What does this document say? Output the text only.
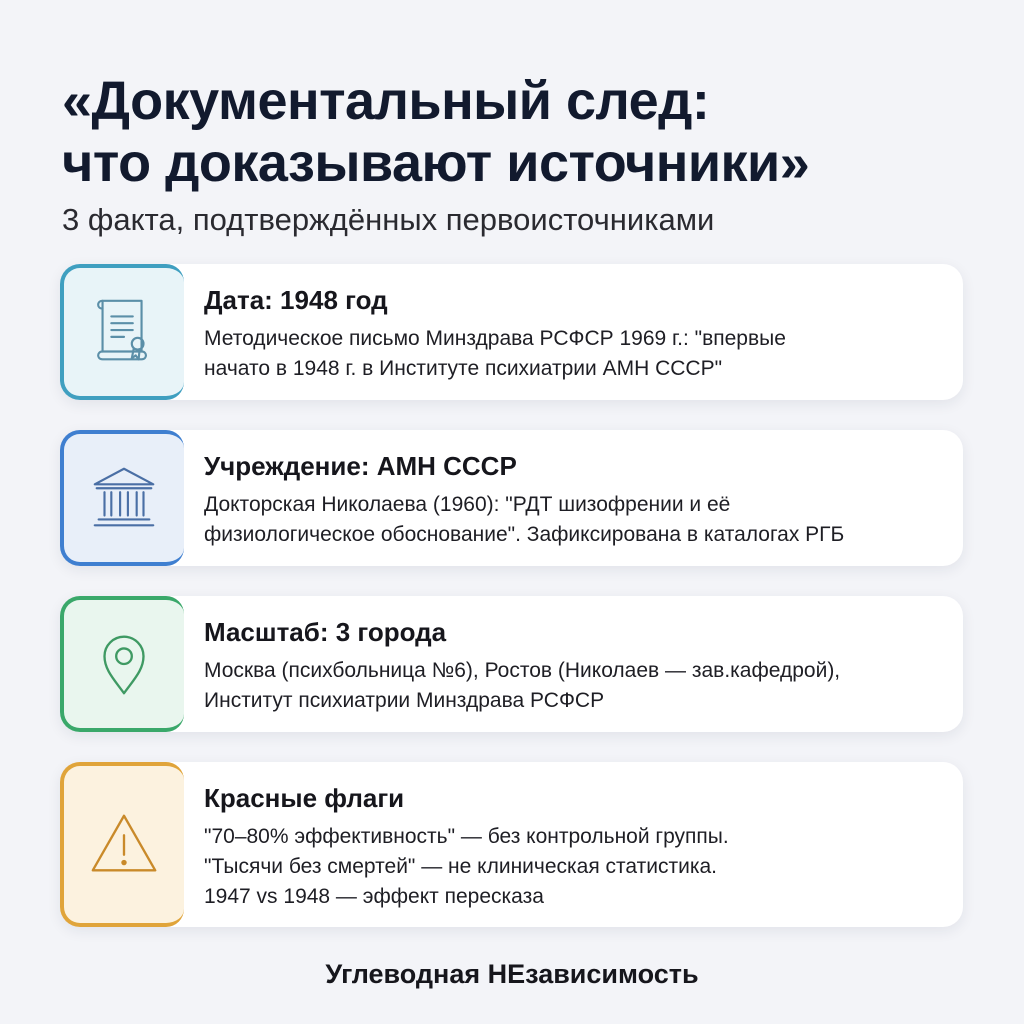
«Документальный след:
что доказывают источники»
3 факта, подтверждённых первоисточниками
Дата: 1948 год
Методическое письмо Минздрава РСФСР 1969 г.: "впервые
начато в 1948 г. в Институте психиатрии АМН СССР"
Учреждение: АМН СССР
Докторская Николаева (1960): "РДТ шизофрении и её
физиологическое обоснование". Зафиксирована в каталогах РГБ
Масштаб: 3 города
Москва (психбольница №6), Ростов (Николаев — зав.кафедрой),
Институт психиатрии Минздрава РСФСР
Красные флаги
"70–80% эффективность" — без контрольной группы.
"Тысячи без смертей" — не клиническая статистика.
1947 vs 1948 — эффект пересказа
Углеводная НЕзависимость
